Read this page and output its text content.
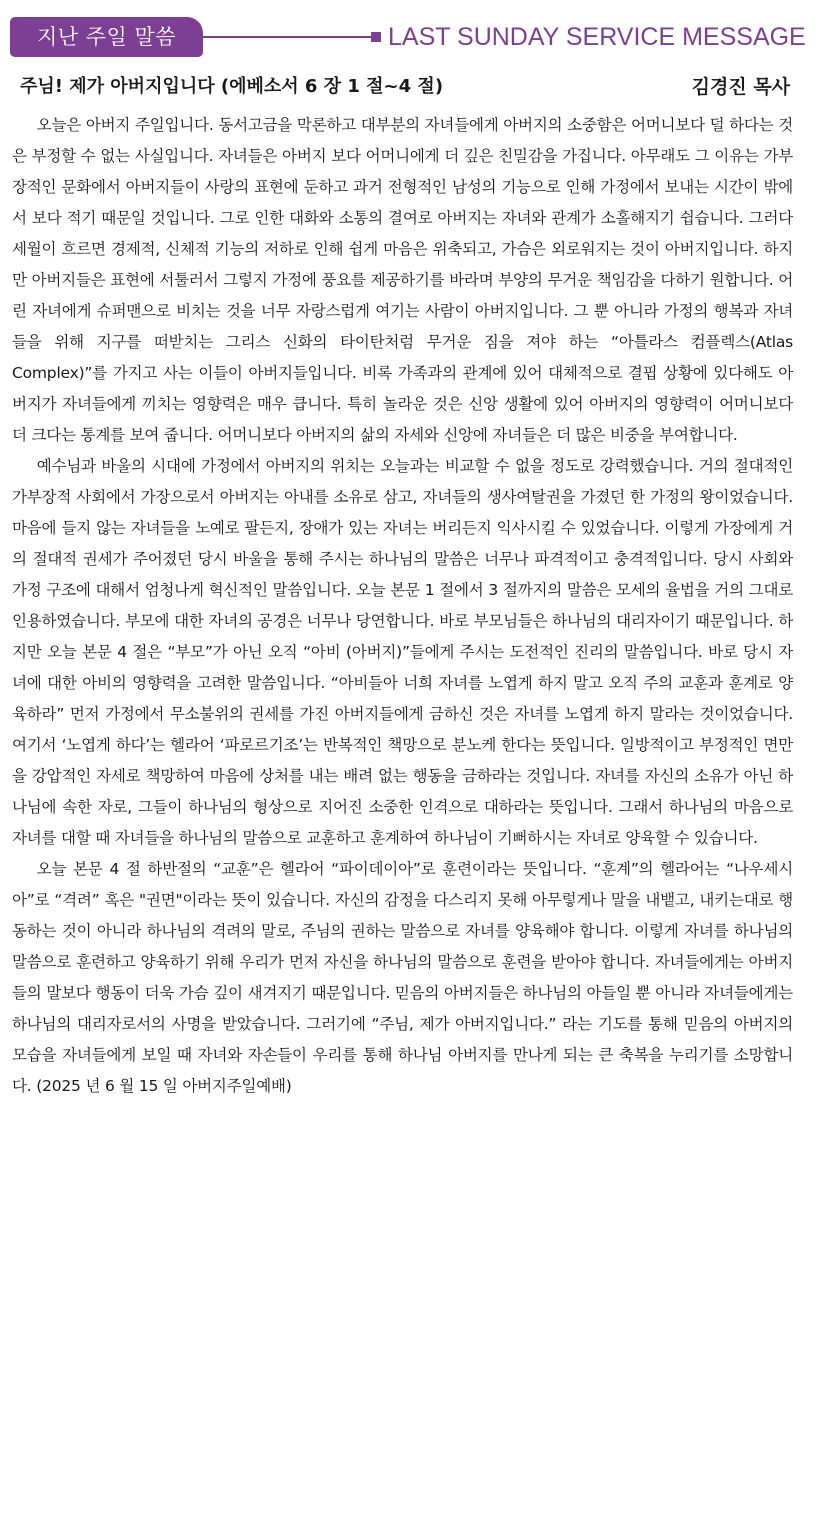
지난 주일 말씀	LAST SUNDAY SERVICE MESSAGE
주님! 제가 아버지입니다 (에베소서 6 장 1 절~4 절)	김경진 목사

오늘은 아버지 주일입니다. 동서고금을 막론하고 대부분의 자녀들에게 아버지의 소중함은 어머니보다 덜 하다는 것은 부정할 수 없는 사실입니다. 자녀들은 아버지 보다 어머니에게 더 깊은 친밀감을 가집니다. 아무래도 그 이유는 가부장적인 문화에서 아버지들이 사랑의 표현에 둔하고 과거 전형적인 남성의 기능으로 인해 가정에서 보내는 시간이 밖에서 보다 적기 때문일 것입니다. 그로 인한 대화와 소통의 결여로 아버지는 자녀와 관계가 소홀해지기 쉽습니다. 그러다 세월이 흐르면 경제적, 신체적 기능의 저하로 인해 쉽게 마음은 위축되고, 가슴은 외로워지는 것이 아버지입니다. 하지만 아버지들은 표현에 서툴러서 그렇지 가정에 풍요를 제공하기를 바라며 부양의 무거운 책임감을 다하기 원합니다. 어린 자녀에게 슈퍼맨으로 비치는 것을 너무 자랑스럽게 여기는 사람이 아버지입니다. 그 뿐 아니라 가정의 행복과 자녀들을 위해 지구를 떠받치는 그리스 신화의 타이탄처럼 무거운 짐을 져야 하는 “아틀라스 컴플렉스(Atlas Complex)”를 가지고 사는 이들이 아버지들입니다. 비록 가족과의 관계에 있어 대체적으로 결핍 상황에 있다해도 아버지가 자녀들에게 끼치는 영향력은 매우 큽니다. 특히 놀라운 것은 신앙 생활에 있어 아버지의 영향력이 어머니보다 더 크다는 통계를 보여 줍니다. 어머니보다 아버지의 삶의 자세와 신앙에 자녀들은 더 많은 비중을 부여합니다.

예수님과 바울의 시대에 가정에서 아버지의 위치는 오늘과는 비교할 수 없을 정도로 강력했습니다. 거의 절대적인 가부장적 사회에서 가장으로서 아버지는 아내를 소유로 삼고, 자녀들의 생사여탈권을 가졌던 한 가정의 왕이었습니다. 마음에 들지 않는 자녀들을 노예로 팔든지, 장애가 있는 자녀는 버리든지 익사시킬 수 있었습니다. 이렇게 가장에게 거의 절대적 권세가 주어졌던 당시 바울을 통해 주시는 하나님의 말씀은 너무나 파격적이고 충격적입니다. 당시 사회와 가정 구조에 대해서 엄청나게 혁신적인 말씀입니다. 오늘 본문 1 절에서 3 절까지의 말씀은 모세의 율법을 거의 그대로 인용하였습니다. 부모에 대한 자녀의 공경은 너무나 당연합니다. 바로 부모님들은 하나님의 대리자이기 때문입니다. 하지만 오늘 본문 4 절은 “부모”가 아닌 오직 “아비 (아버지)”들에게 주시는 도전적인 진리의 말씀입니다. 바로 당시 자녀에 대한 아비의 영향력을 고려한 말씀입니다. “아비들아 너희 자녀를 노엽게 하지 말고 오직 주의 교훈과 훈계로 양육하라” 먼저 가정에서 무소불위의 권세를 가진 아버지들에게 금하신 것은 자녀를 노엽게 하지 말라는 것이었습니다. 여기서 ‘노엽게 하다’는 헬라어 ‘파로르기조’는 반복적인 책망으로 분노케 한다는 뜻입니다. 일방적이고 부정적인 면만을 강압적인 자세로 책망하여 마음에 상처를 내는 배려 없는 행동을 금하라는 것입니다. 자녀를 자신의 소유가 아닌 하나님에 속한 자로, 그들이 하나님의 형상으로 지어진 소중한 인격으로 대하라는 뜻입니다. 그래서 하나님의 마음으로 자녀를 대할 때 자녀들을 하나님의 말씀으로 교훈하고 훈계하여 하나님이 기뻐하시는 자녀로 양육할 수 있습니다.

오늘 본문 4 절 하반절의 “교훈”은 헬라어 “파이데이아”로 훈련이라는 뜻입니다. “훈계”의 헬라어는 “나우세시아”로 “격려” 혹은 "권면"이라는 뜻이 있습니다. 자신의 감정을 다스리지 못해 아무렇게나 말을 내뱉고, 내키는대로 행동하는 것이 아니라 하나님의 격려의 말로, 주님의 권하는 말씀으로 자녀를 양육해야 합니다. 이렇게 자녀를 하나님의 말씀으로 훈련하고 양육하기 위해 우리가 먼저 자신을 하나님의 말씀으로 훈련을 받아야 합니다. 자녀들에게는 아버지들의 말보다 행동이 더욱 가슴 깊이 새겨지기 때문입니다. 믿음의 아버지들은 하나님의 아들일 뿐 아니라 자녀들에게는 하나님의 대리자로서의 사명을 받았습니다. 그러기에 “주님, 제가 아버지입니다.” 라는 기도를 통해 믿음의 아버지의 모습을 자녀들에게 보일 때 자녀와 자손들이 우리를 통해 하나님 아버지를 만나게 되는 큰 축복을 누리기를 소망합니다. (2025 년 6 월 15 일 아버지주일예배)
